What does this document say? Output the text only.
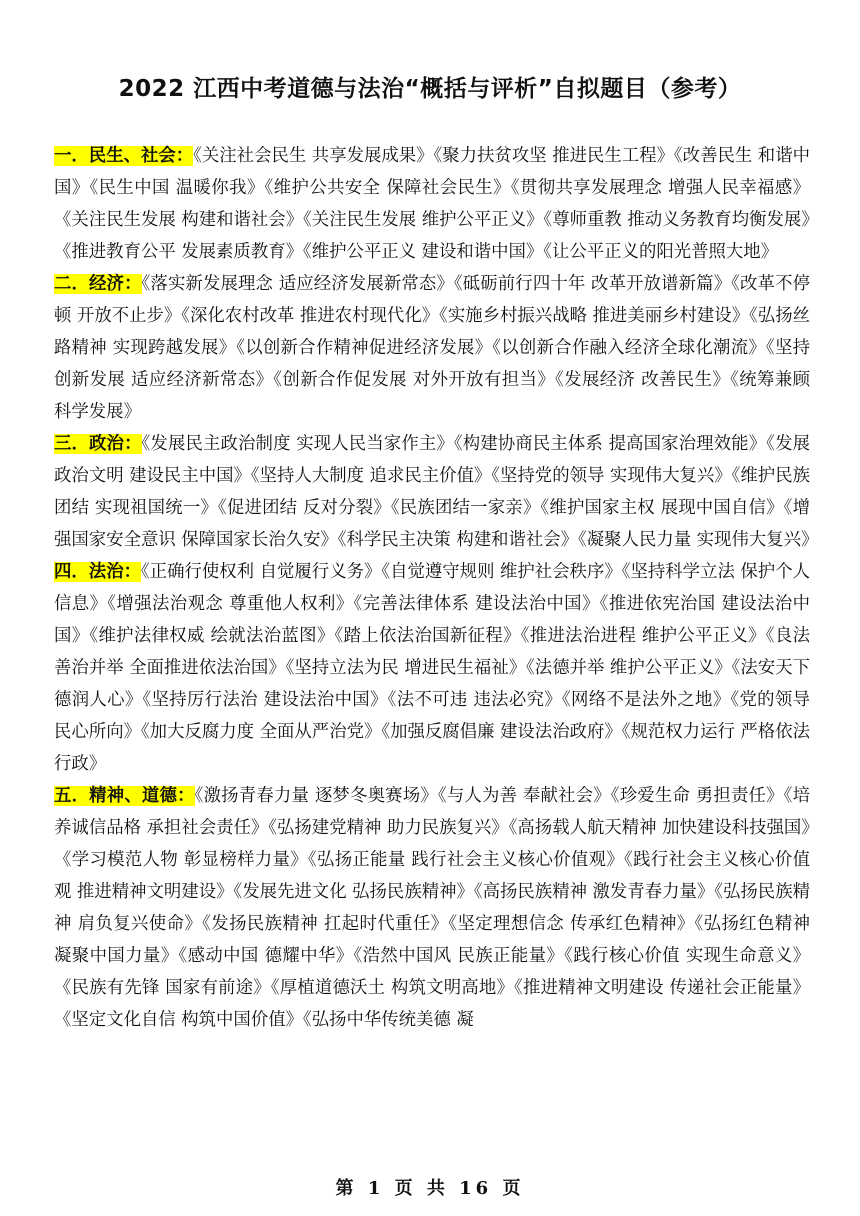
2022 江西中考道德与法治“概括与评析”自拟题目（参考）

一．民生、社会：《关注社会民生 共享发展成果》《聚力扶贫攻坚 推进民生工程》《改善民生 和谐中国》《民生中国 温暖你我》《维护公共安全 保障社会民生》《贯彻共享发展理念 增强人民幸福感》《关注民生发展 构建和谐社会》《关注民生发展 维护公平正义》《尊师重教 推动义务教育均衡发展》《推进教育公平 发展素质教育》《维护公平正义 建设和谐中国》《让公平正义的阳光普照大地》

二．经济：《落实新发展理念 适应经济发展新常态》《砥砺前行四十年 改革开放谱新篇》《改革不停顿 开放不止步》《深化农村改革 推进农村现代化》《实施乡村振兴战略 推进美丽乡村建设》《弘扬丝路精神 实现跨越发展》《以创新合作精神促进经济发展》《以创新合作融入经济全球化潮流》《坚持创新发展 适应经济新常态》《创新合作促发展 对外开放有担当》《发展经济 改善民生》《统筹兼顾 科学发展》

三．政治：《发展民主政治制度 实现人民当家作主》《构建协商民主体系 提高国家治理效能》《发展政治文明 建设民主中国》《坚持人大制度 追求民主价值》《坚持党的领导 实现伟大复兴》《维护民族团结 实现祖国统一》《促进团结 反对分裂》《民族团结一家亲》《维护国家主权 展现中国自信》《增强国家安全意识 保障国家长治久安》《科学民主决策 构建和谐社会》《凝聚人民力量 实现伟大复兴》

四．法治：《正确行使权利 自觉履行义务》《自觉遵守规则 维护社会秩序》《坚持科学立法 保护个人信息》《增强法治观念 尊重他人权利》《完善法律体系 建设法治中国》《推进依宪治国 建设法治中国》《维护法律权威 绘就法治蓝图》《踏上依法治国新征程》《推进法治进程 维护公平正义》《良法善治并举 全面推进依法治国》《坚持立法为民 增进民生福祉》《法德并举 维护公平正义》《法安天下 德润人心》《坚持厉行法治 建设法治中国》《法不可违 违法必究》《网络不是法外之地》《党的领导 民心所向》《加大反腐力度 全面从严治党》《加强反腐倡廉 建设法治政府》《规范权力运行 严格依法行政》

五．精神、道德：《激扬青春力量 逐梦冬奥赛场》《与人为善 奉献社会》《珍爱生命 勇担责任》《培养诚信品格 承担社会责任》《弘扬建党精神 助力民族复兴》《高扬载人航天精神 加快建设科技强国》《学习模范人物 彰显榜样力量》《弘扬正能量 践行社会主义核心价值观》《践行社会主义核心价值观 推进精神文明建设》《发展先进文化 弘扬民族精神》《高扬民族精神 激发青春力量》《弘扬民族精神 肩负复兴使命》《发扬民族精神 扛起时代重任》《坚定理想信念 传承红色精神》《弘扬红色精神 凝聚中国力量》《感动中国 德耀中华》《浩然中国风 民族正能量》《践行核心价值 实现生命意义》《民族有先锋 国家有前途》《厚植道德沃土 构筑文明高地》《推进精神文明建设 传递社会正能量》《坚定文化自信 构筑中国价值》《弘扬中华传统美德 凝

第 1 页 共 16 页
